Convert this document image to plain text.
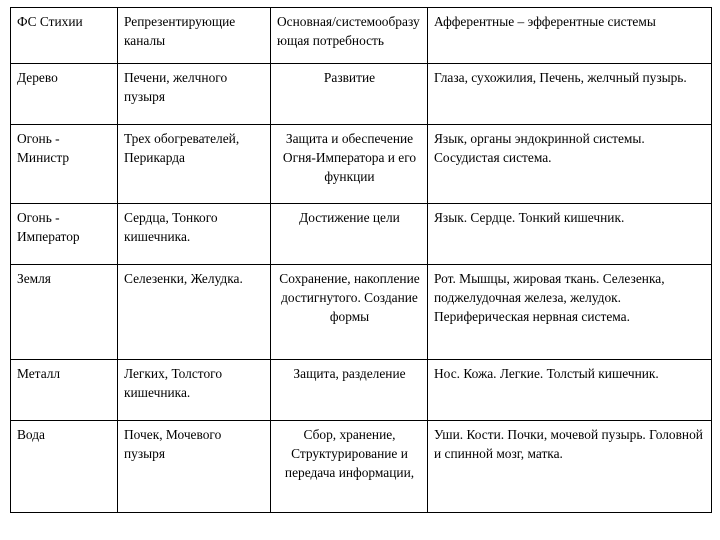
ФС Стихии	Репрезентирующие каналы	Основная/системообразующая потребность	Афферентные – эфферентные системы
Дерево	Печени, желчного пузыря	Развитие	Глаза, сухожилия, Печень, желчный пузырь.
Огонь - Министр	Трех обогревателей, Перикарда	Защита и обеспечение Огня-Императора и его функции	Язык, органы эндокринной системы. Сосудистая система.
Огонь - Император	Сердца, Тонкого кишечника.	Достижение цели	Язык. Сердце. Тонкий кишечник.
Земля	Селезенки, Желудка.	Сохранение, накопление достигнутого. Создание формы	Рот. Мышцы, жировая ткань. Селезенка, поджелудочная железа, желудок. Периферическая нервная система.
Металл	Легких, Толстого кишечника.	Защита, разделение	Нос. Кожа. Легкие. Толстый кишечник.
Вода	Почек, Мочевого пузыря	Сбор, хранение, Структурирование и передача информации,	Уши. Кости. Почки, мочевой пузырь. Головной и спинной мозг, матка.
